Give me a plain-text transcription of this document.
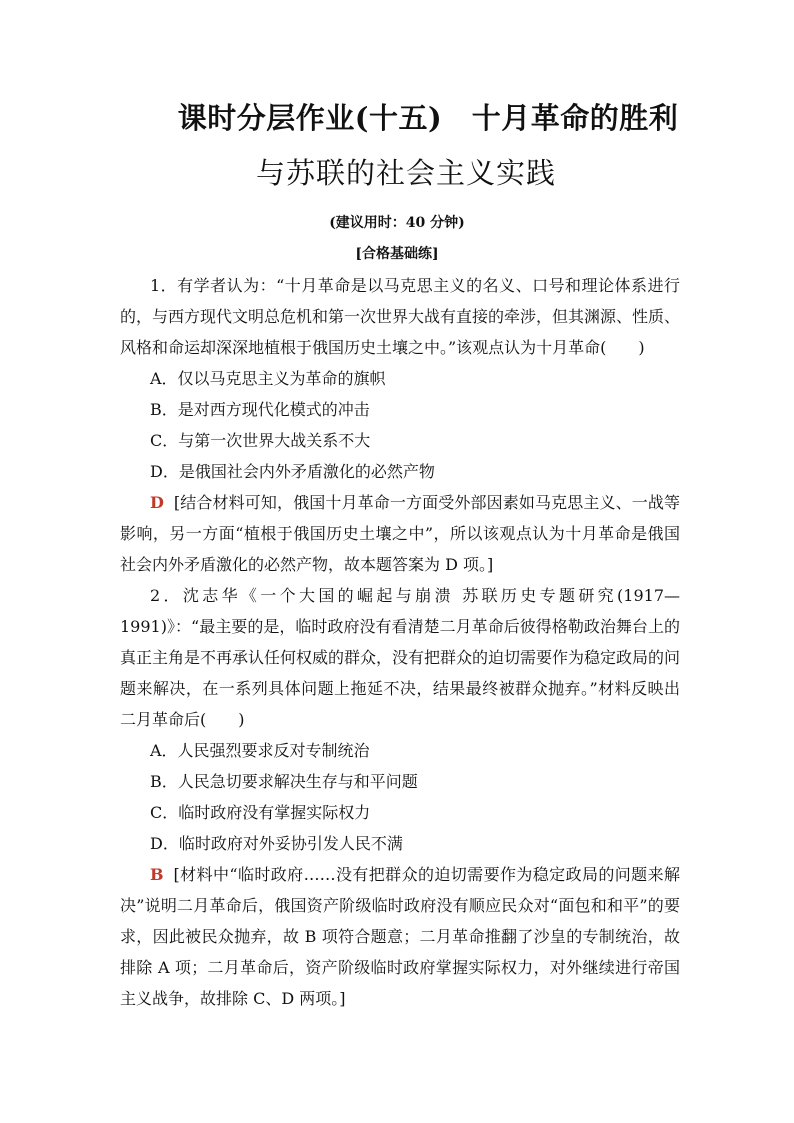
课时分层作业(十五)　十月革命的胜利
与苏联的社会主义实践
(建议用时：40 分钟)
[合格基础练]
1．有学者认为：“十月革命是以马克思主义的名义、口号和理论体系进行的，与西方现代文明总危机和第一次世界大战有直接的牵涉，但其渊源、性质、风格和命运却深深地植根于俄国历史土壤之中。”该观点认为十月革命(　　)
A．仅以马克思主义为革命的旗帜
B．是对西方现代化模式的冲击
C．与第一次世界大战关系不大
D．是俄国社会内外矛盾激化的必然产物
D [结合材料可知，俄国十月革命一方面受外部因素如马克思主义、一战等影响，另一方面“植根于俄国历史土壤之中”，所以该观点认为十月革命是俄国社会内外矛盾激化的必然产物，故本题答案为 D 项。]
2．沈志华《一个大国的崛起与崩溃 苏联历史专题研究(1917—1991)》：“最主要的是，临时政府没有看清楚二月革命后彼得格勒政治舞台上的真正主角是不再承认任何权威的群众，没有把群众的迫切需要作为稳定政局的问题来解决，在一系列具体问题上拖延不决，结果最终被群众抛弃。”材料反映出二月革命后(　　)
A．人民强烈要求反对专制统治
B．人民急切要求解决生存与和平问题
C．临时政府没有掌握实际权力
D．临时政府对外妥协引发人民不满
B [材料中“临时政府……没有把群众的迫切需要作为稳定政局的问题来解决”说明二月革命后，俄国资产阶级临时政府没有顺应民众对“面包和和平”的要求，因此被民众抛弃，故 B 项符合题意；二月革命推翻了沙皇的专制统治，故排除 A 项；二月革命后，资产阶级临时政府掌握实际权力，对外继续进行帝国主义战争，故排除 C、D 两项。]
